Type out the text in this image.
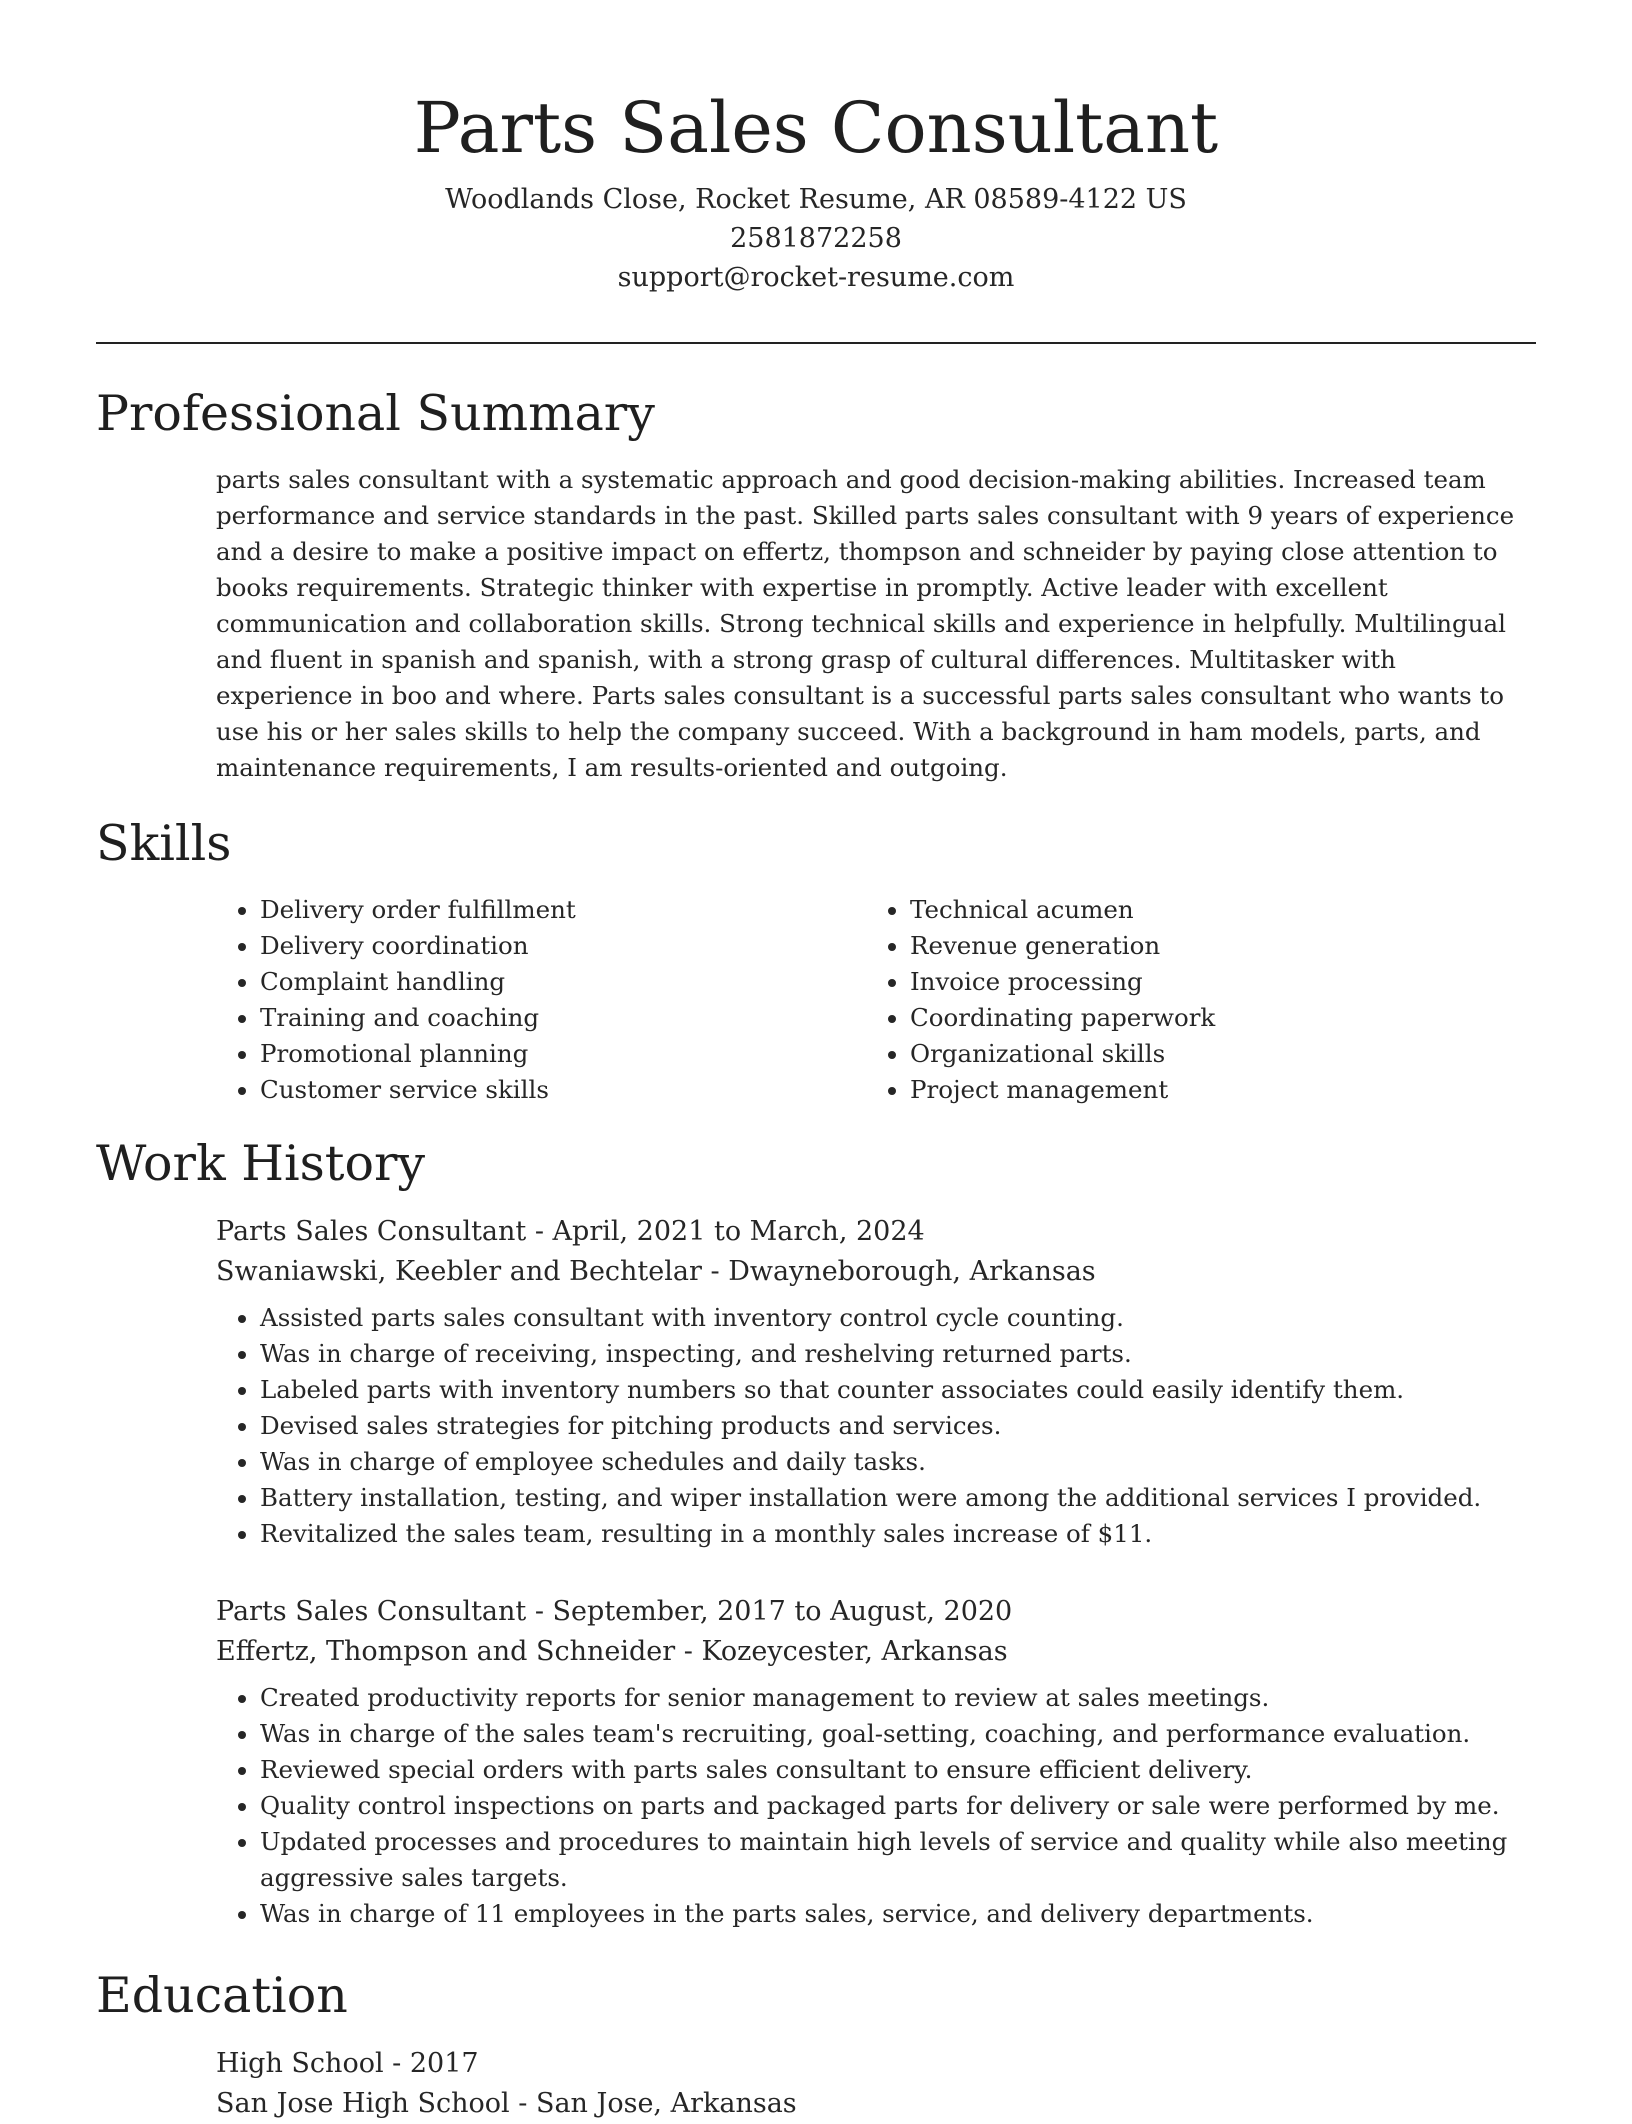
Parts Sales Consultant
Woodlands Close, Rocket Resume, AR 08589-4122 US
2581872258
support@rocket-resume.com
Professional Summary

parts sales consultant with a systematic approach and good decision-making abilities. Increased team performance and service standards in the past. Skilled parts sales consultant with 9 years of experience and a desire to make a positive impact on effertz, thompson and schneider by paying close attention to books requirements. Strategic thinker with expertise in promptly. Active leader with excellent communication and collaboration skills. Strong technical skills and experience in helpfully. Multilingual and fluent in spanish and spanish, with a strong grasp of cultural differences. Multitasker with experience in boo and where. Parts sales consultant is a successful parts sales consultant who wants to use his or her sales skills to help the company succeed. With a background in ham models, parts, and maintenance requirements, I am results-oriented and outgoing.

Skills
• Delivery order fulfillment
• Delivery coordination
• Complaint handling
• Training and coaching
• Promotional planning
• Customer service skills
• Technical acumen
• Revenue generation
• Invoice processing
• Coordinating paperwork
• Organizational skills
• Project management
Work History
Parts Sales Consultant - April, 2021 to March, 2024
Swaniawski, Keebler and Bechtelar - Dwayneborough, Arkansas
• Assisted parts sales consultant with inventory control cycle counting.
• Was in charge of receiving, inspecting, and reshelving returned parts.
• Labeled parts with inventory numbers so that counter associates could easily identify them.
• Devised sales strategies for pitching products and services.
• Was in charge of employee schedules and daily tasks.
• Battery installation, testing, and wiper installation were among the additional services I provided.
• Revitalized the sales team, resulting in a monthly sales increase of $11.
Parts Sales Consultant - September, 2017 to August, 2020
Effertz, Thompson and Schneider - Kozeycester, Arkansas
• Created productivity reports for senior management to review at sales meetings.
• Was in charge of the sales team's recruiting, goal-setting, coaching, and performance evaluation.
• Reviewed special orders with parts sales consultant to ensure efficient delivery.
• Quality control inspections on parts and packaged parts for delivery or sale were performed by me.
• Updated processes and procedures to maintain high levels of service and quality while also meeting aggressive sales targets.
• Was in charge of 11 employees in the parts sales, service, and delivery departments.
Education
High School - 2017
San Jose High School - San Jose, Arkansas
